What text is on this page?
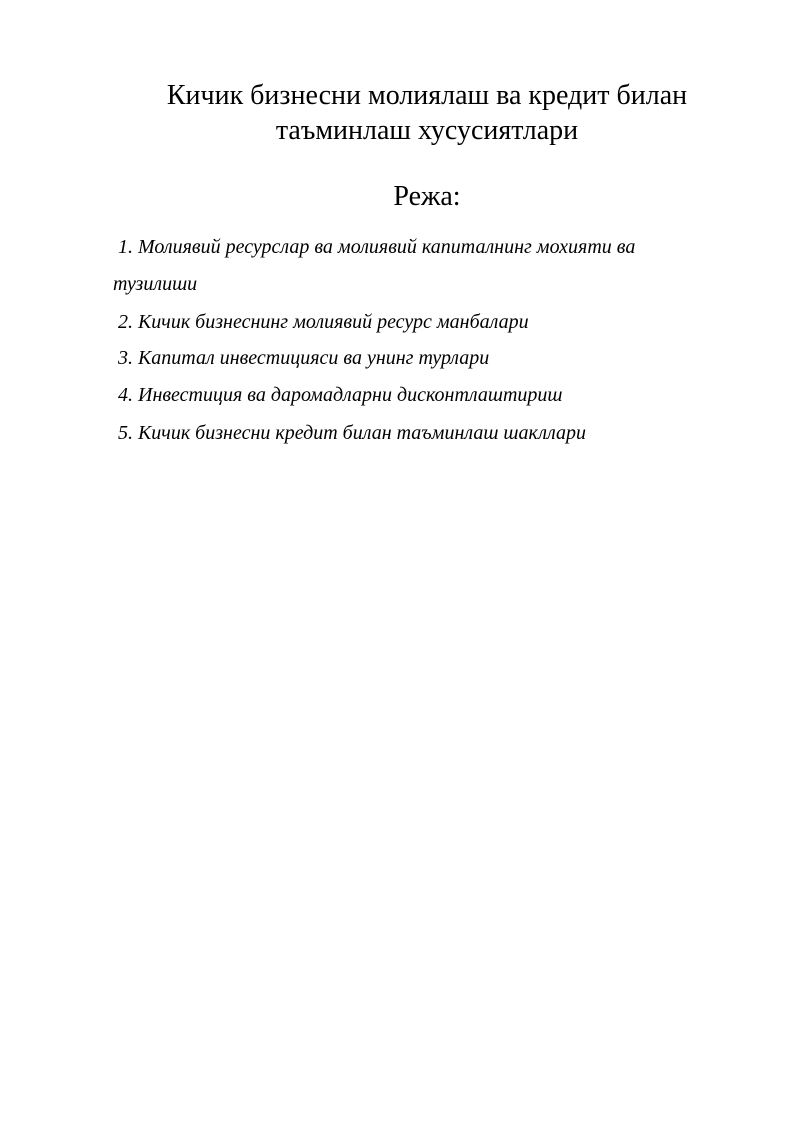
Кичик бизнесни молиялаш ва кредит билан
таъминлаш хусусиятлари
Режа:
1. Молиявий ресурслар ва молиявий капиталнинг мохияти ва
тузилиши
2. Кичик бизнеснинг молиявий ресурс манбалари
3. Капитал инвестицияси ва унинг турлари
4. Инвестиция ва даромадларни дисконтлаштириш
5. Кичик бизнесни кредит билан таъминлаш шакллари
